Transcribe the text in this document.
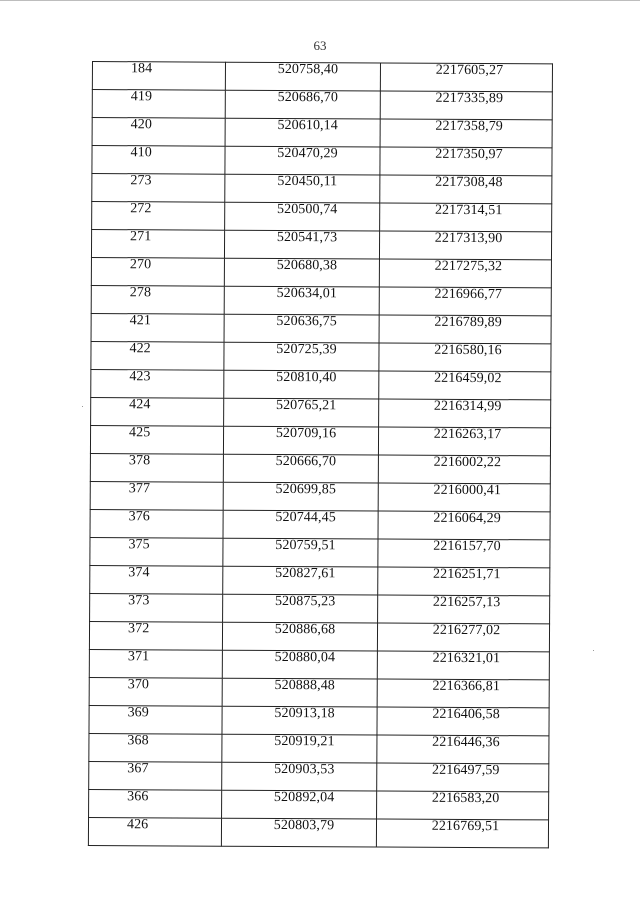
63
184	520758,40	2217605,27
419	520686,70	2217335,89
420	520610,14	2217358,79
410	520470,29	2217350,97
273	520450,11	2217308,48
272	520500,74	2217314,51
271	520541,73	2217313,90
270	520680,38	2217275,32
278	520634,01	2216966,77
421	520636,75	2216789,89
422	520725,39	2216580,16
423	520810,40	2216459,02
424	520765,21	2216314,99
425	520709,16	2216263,17
378	520666,70	2216002,22
377	520699,85	2216000,41
376	520744,45	2216064,29
375	520759,51	2216157,70
374	520827,61	2216251,71
373	520875,23	2216257,13
372	520886,68	2216277,02
371	520880,04	2216321,01
370	520888,48	2216366,81
369	520913,18	2216406,58
368	520919,21	2216446,36
367	520903,53	2216497,59
366	520892,04	2216583,20
426	520803,79	2216769,51
